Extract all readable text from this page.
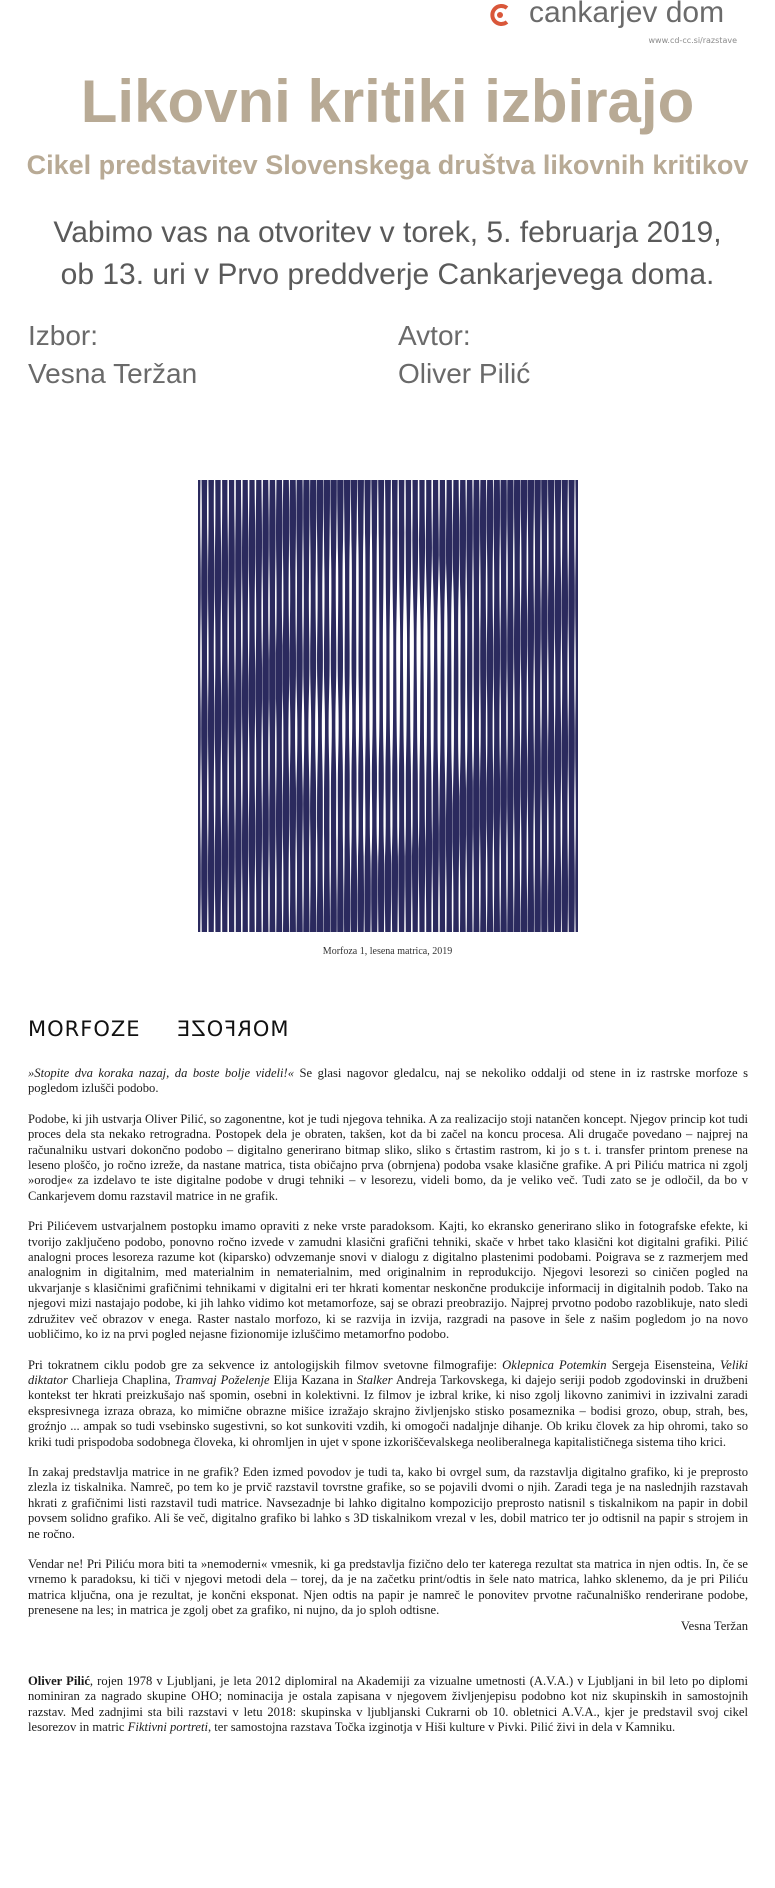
cankarjev dom
www.cd-cc.si/razstave
Likovni kritiki izbirajo
Cikel predstavitev Slovenskega društva likovnih kritikov
Vabimo vas na otvoritev v torek, 5. februarja 2019,
ob 13. uri v Prvo preddverje Cankarjevega doma.
Izbor:
Vesna Teržan
Avtor:
Oliver Pilić
Morfoza 1, lesena matrica, 2019
MORFOZE MORFOZE

»Stopite dva koraka nazaj, da boste bolje videli!« Se glasi nagovor gledalcu, naj se nekoliko oddalji od stene in iz rastrske morfoze s pogledom izlušči podobo.

Podobe, ki jih ustvarja Oliver Pilić, so zagonentne, kot je tudi njegova tehnika. A za realizacijo stoji natančen koncept. Njegov princip kot tudi proces dela sta nekako retrogradna. Postopek dela je obraten, takšen, kot da bi začel na koncu procesa. Ali drugače povedano – najprej na računalniku ustvari dokončno podobo – digitalno generirano bitmap sliko, sliko s črtastim rastrom, ki jo s t. i. transfer printom prenese na leseno ploščo, jo ročno izreže, da nastane matrica, tista običajno prva (obrnjena) podoba vsake klasične grafike. A pri Piliću matrica ni zgolj »orodje« za izdelavo te iste digitalne podobe v drugi tehniki – v lesorezu, videli bomo, da je veliko več. Tudi zato se je odločil, da bo v Cankarjevem domu razstavil matrice in ne grafik.

Pri Pilićevem ustvarjalnem postopku imamo opraviti z neke vrste paradoksom. Kajti, ko ekransko generirano sliko in fotografske efekte, ki tvorijo zaključeno podobo, ponovno ročno izvede v zamudni klasični grafični tehniki, skače v hrbet tako klasični kot digitalni grafiki. Pilić analogni proces lesoreza razume kot (kiparsko) odvzemanje snovi v dialogu z digitalno plastenimi podobami. Poigrava se z razmerjem med analognim in digitalnim, med materialnim in nematerialnim, med originalnim in reprodukcijo. Njegovi lesorezi so ciničen pogled na ukvarjanje s klasičnimi grafičnimi tehnikami v digitalni eri ter hkrati komentar neskončne produkcije informacij in digitalnih podob. Tako na njegovi mizi nastajajo podobe, ki jih lahko vidimo kot metamorfoze, saj se obrazi preobrazijo. Najprej prvotno podobo razoblikuje, nato sledi združitev več obrazov v enega. Raster nastalo morfozo, ki se razvija in izvija, razgradi na pasove in šele z našim pogledom jo na novo uobličimo, ko iz na prvi pogled nejasne fizionomije izluščimo metamorfno podobo.

Pri tokratnem ciklu podob gre za sekvence iz antologijskih filmov svetovne filmografije: Oklepnica Potemkin Sergeja Eisensteina, Veliki diktator Charlieja Chaplina, Tramvaj Poželenje Elija Kazana in Stalker Andreja Tarkovskega, ki dajejo seriji podob zgodovinski in družbeni kontekst ter hkrati preizkušajo naš spomin, osebni in kolektivni. Iz filmov je izbral krike, ki niso zgolj likovno zanimivi in izzivalni zaradi ekspresivnega izraza obraza, ko mimične obrazne mišice izražajo skrajno življenjsko stisko posameznika – bodisi grozo, obup, strah, bes, groźnjo ... ampak so tudi vsebinsko sugestivni, so kot sunkoviti vzdih, ki omogoči nadaljnje dihanje. Ob kriku človek za hip ohromi, tako so kriki tudi prispodoba sodobnega človeka, ki ohromljen in ujet v spone izkoriščevalskega neoliberalnega kapitalističnega sistema tiho krici.

In zakaj predstavlja matrice in ne grafik? Eden izmed povodov je tudi ta, kako bi ovrgel sum, da razstavlja digitalno grafiko, ki je preprosto zlezla iz tiskalnika. Namreč, po tem ko je prvič razstavil tovrstne grafike, so se pojavili dvomi o njih. Zaradi tega je na naslednjih razstavah hkrati z grafičnimi listi razstavil tudi matrice. Navsezadnje bi lahko digitalno kompozicijo preprosto natisnil s tiskalnikom na papir in dobil povsem solidno grafiko. Ali še več, digitalno grafiko bi lahko s 3D tiskalnikom vrezal v les, dobil matrico ter jo odtisnil na papir s strojem in ne ročno.

Vendar ne! Pri Piliću mora biti ta »nemoderni« vmesnik, ki ga predstavlja fizično delo ter katerega rezultat sta matrica in njen odtis. In, če se vrnemo k paradoksu, ki tiči v njegovi metodi dela – torej, da je na začetku print/odtis in šele nato matrica, lahko sklenemo, da je pri Piliću matrica ključna, ona je rezultat, je končni eksponat. Njen odtis na papir je namreč le ponovitev prvotne računalniško renderirane podobe, prenesene na les; in matrica je zgolj obet za grafiko, ni nujno, da jo sploh odtisne.

Vesna Teržan

Oliver Pilić, rojen 1978 v Ljubljani, je leta 2012 diplomiral na Akademiji za vizualne umetnosti (A.V.A.) v Ljubljani in bil leto po diplomi nominiran za nagrado skupine OHO; nominacija je ostala zapisana v njegovem življenjepisu podobno kot niz skupinskih in samostojnih razstav. Med zadnjimi sta bili razstavi v letu 2018: skupinska v ljubljanski Cukrarni ob 10. obletnici A.V.A., kjer je predstavil svoj cikel lesorezov in matric Fiktivni portreti, ter samostojna razstava Točka izginotja v Hiši kulture v Pivki. Pilić živi in dela v Kamniku.
